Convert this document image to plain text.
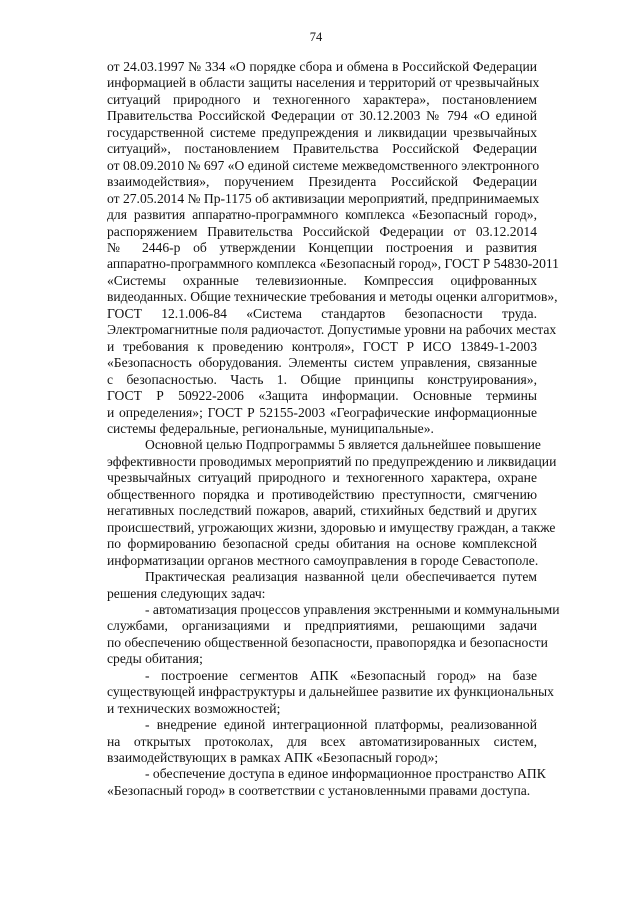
74
от 24.03.1997 № 334 «О порядке сбора и обмена в Российской Федерации
информацией в области защиты населения и территорий от чрезвычайных
ситуаций природного и техногенного характера», постановлением
Правительства Российской Федерации от 30.12.2003 № 794 «О единой
государственной системе предупреждения и ликвидации чрезвычайных
ситуаций», постановлением Правительства Российской Федерации
от 08.09.2010 № 697 «О единой системе межведомственного электронного
взаимодействия», поручением Президента Российской Федерации
от 27.05.2014 № Пр-1175 об активизации мероприятий, предпринимаемых
для развития аппаратно-программного комплекса «Безопасный город»,
распоряжением Правительства Российской Федерации от 03.12.2014
№ 2446-р об утверждении Концепции построения и развития
аппаратно-программного комплекса «Безопасный город», ГОСТ Р 54830-2011
«Системы охранные телевизионные. Компрессия оцифрованных
видеоданных. Общие технические требования и методы оценки алгоритмов»,
ГОСТ 12.1.006-84 «Система стандартов безопасности труда.
Электромагнитные поля радиочастот. Допустимые уровни на рабочих местах
и требования к проведению контроля», ГОСТ Р ИСО 13849-1-2003
«Безопасность оборудования. Элементы систем управления, связанные
с безопасностью. Часть 1. Общие принципы конструирования»,
ГОСТ Р 50922-2006 «Защита информации. Основные термины
и определения»; ГОСТ Р 52155-2003 «Географические информационные
системы федеральные, региональные, муниципальные».
Основной целью Подпрограммы 5 является дальнейшее повышение
эффективности проводимых мероприятий по предупреждению и ликвидации
чрезвычайных ситуаций природного и техногенного характера, охране
общественного порядка и противодействию преступности, смягчению
негативных последствий пожаров, аварий, стихийных бедствий и других
происшествий, угрожающих жизни, здоровью и имуществу граждан, а также
по формированию безопасной среды обитания на основе комплексной
информатизации органов местного самоуправления в городе Севастополе.
Практическая реализация названной цели обеспечивается путем
решения следующих задач:
- автоматизация процессов управления экстренными и коммунальными
службами, организациями и предприятиями, решающими задачи
по обеспечению общественной безопасности, правопорядка и безопасности
среды обитания;
- построение сегментов АПК «Безопасный город» на базе
существующей инфраструктуры и дальнейшее развитие их функциональных
и технических возможностей;
- внедрение единой интеграционной платформы, реализованной
на открытых протоколах, для всех автоматизированных систем,
взаимодействующих в рамках АПК «Безопасный город»;
- обеспечение доступа в единое информационное пространство АПК
«Безопасный город» в соответствии с установленными правами доступа.
